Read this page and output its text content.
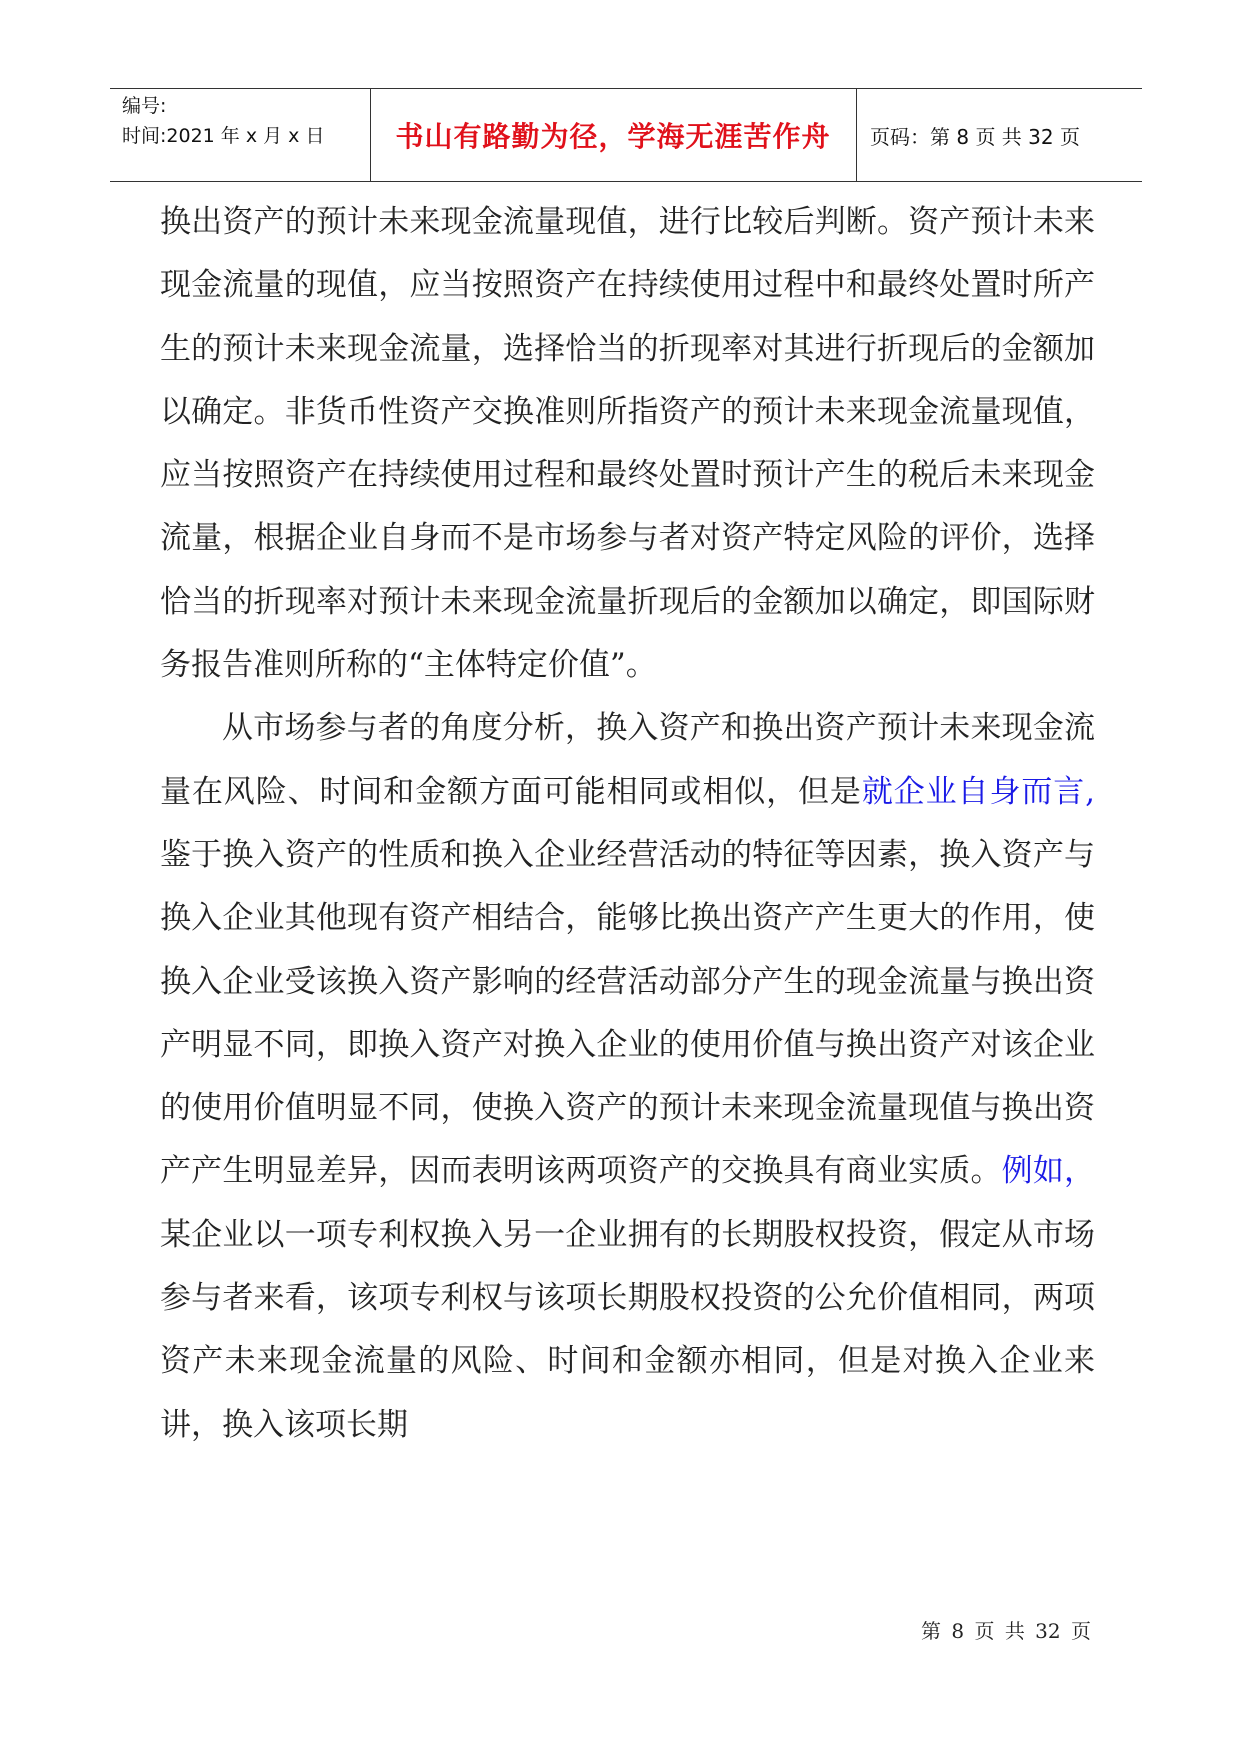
编号:
时间:2021 年 x 月 x 日	书山有路勤为径，学海无涯苦作舟	页码：第 8 页 共 32 页

换出资产的预计未来现金流量现值，进行比较后判断。资产预计未来现金流量的现值，应当按照资产在持续使用过程中和最终处置时所产生的预计未来现金流量，选择恰当的折现率对其进行折现后的金额加以确定。非货币性资产交换准则所指资产的预计未来现金流量现值，应当按照资产在持续使用过程和最终处置时预计产生的税后未来现金流量，根据企业自身而不是市场参与者对资产特定风险的评价，选择恰当的折现率对预计未来现金流量折现后的金额加以确定，即国际财务报告准则所称的“主体特定价值”。

从市场参与者的角度分析，换入资产和换出资产预计未来现金流量在风险、时间和金额方面可能相同或相似，但是就企业自身而言,鉴于换入资产的性质和换入企业经营活动的特征等因素，换入资产与换入企业其他现有资产相结合，能够比换出资产产生更大的作用，使换入企业受该换入资产影响的经营活动部分产生的现金流量与换出资产明显不同，即换入资产对换入企业的使用价值与换出资产对该企业的使用价值明显不同，使换入资产的预计未来现金流量现值与换出资产产生明显差异，因而表明该两项资产的交换具有商业实质。例如，某企业以一项专利权换入另一企业拥有的长期股权投资，假定从市场参与者来看，该项专利权与该项长期股权投资的公允价值相同，两项资产未来现金流量的风险、时间和金额亦相同，但是对换入企业来讲，换入该项长期

第 8 页 共 32 页
